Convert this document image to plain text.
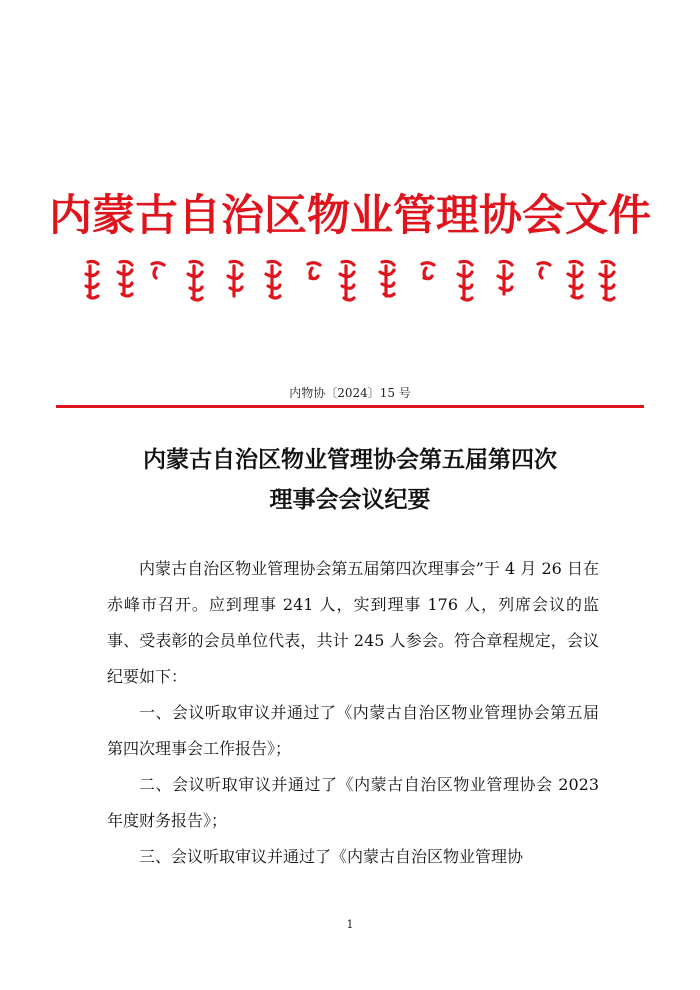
内蒙古自治区物业管理协会文件
内物协〔2024〕15 号
内蒙古自治区物业管理协会第五届第四次
理事会会议纪要

内蒙古自治区物业管理协会第五届第四次理事会”于 4 月 26 日在赤峰市召开。应到理事 241 人，实到理事 176 人，列席会议的监事、受表彰的会员单位代表，共计 245 人参会。符合章程规定，会议纪要如下：

一、会议听取审议并通过了《内蒙古自治区物业管理协会第五届第四次理事会工作报告》；

二、会议听取审议并通过了《内蒙古自治区物业管理协会 2023 年度财务报告》；

三、会议听取审议并通过了《内蒙古自治区物业管理协

1
